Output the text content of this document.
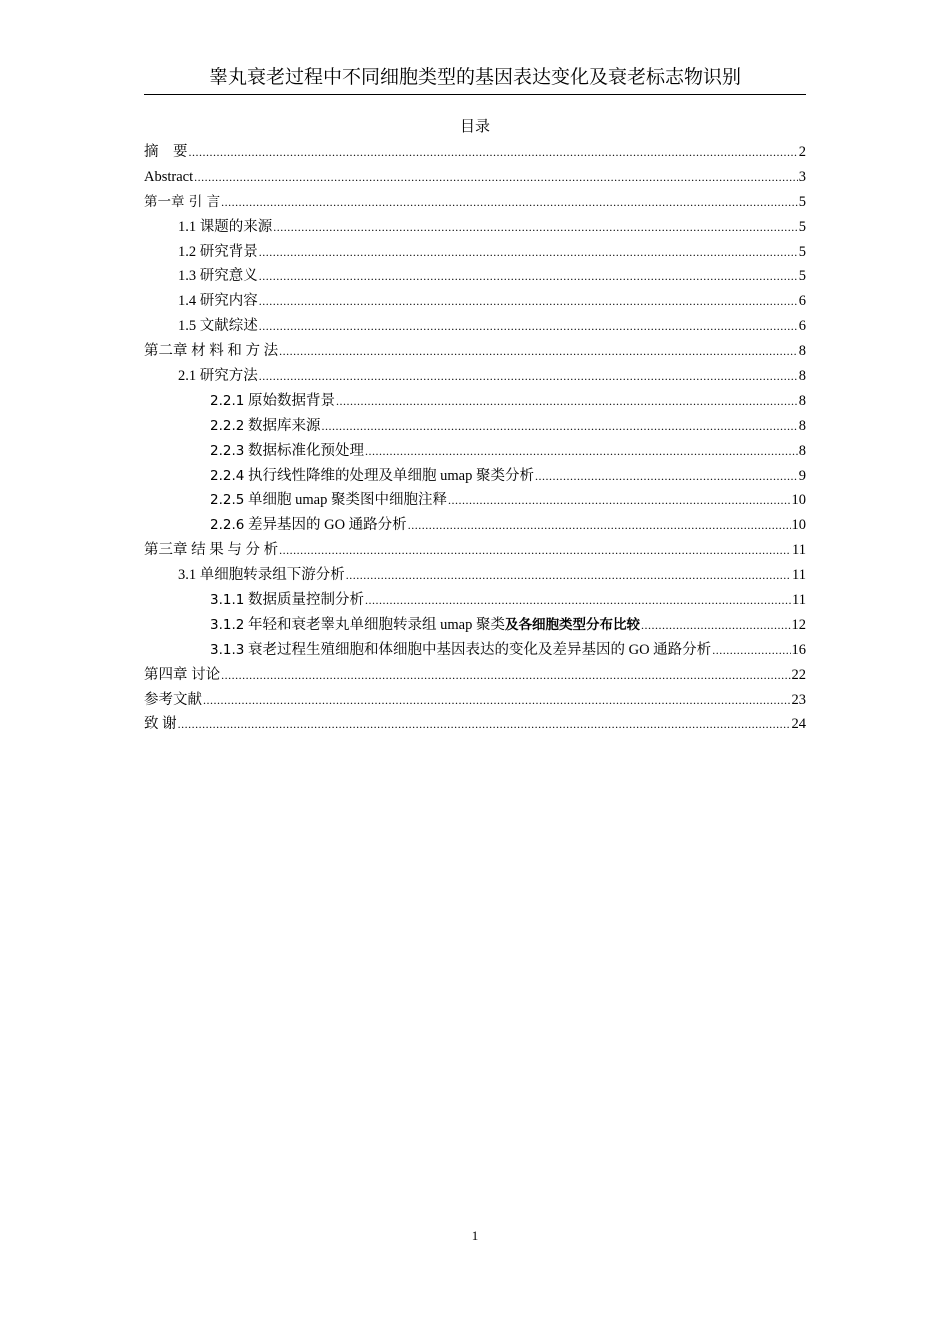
睾丸衰老过程中不同细胞类型的基因表达变化及衰老标志物识别
目录
摘　要 .....	2
Abstract .....	3
第一章 引 言 .....	5
1.1 课题的来源 .....	5
1.2 研究背景 .....	5
1.3 研究意义 .....	5
1.4 研究内容 .....	6
1.5 文献综述 .....	6
第二章 材 料 和 方 法 .....	8
2.1 研究方法 .....	8
2.2.1 原始数据背景 .....	8
2.2.2 数据库来源 .....	8
2.2.3 数据标准化预处理 .....	8
2.2.4 执行线性降维的处理及单细胞 umap 聚类分析 .....	9
2.2.5 单细胞 umap 聚类图中细胞注释 .....	10
2.2.6 差异基因的 GO 通路分析 .....	10
第三章 结 果 与 分 析 .....	11
3.1 单细胞转录组下游分析 .....	11
3.1.1 数据质量控制分析 .....	11
3.1.2 年轻和衰老睾丸单细胞转录组 umap 聚类及各细胞类型分布比较 .....	12
3.1.3 衰老过程生殖细胞和体细胞中基因表达的变化及差异基因的 GO 通路分析 .....	16
第四章 讨论 .....	22
参考文献 .....	23
致 谢 .....	24
1
